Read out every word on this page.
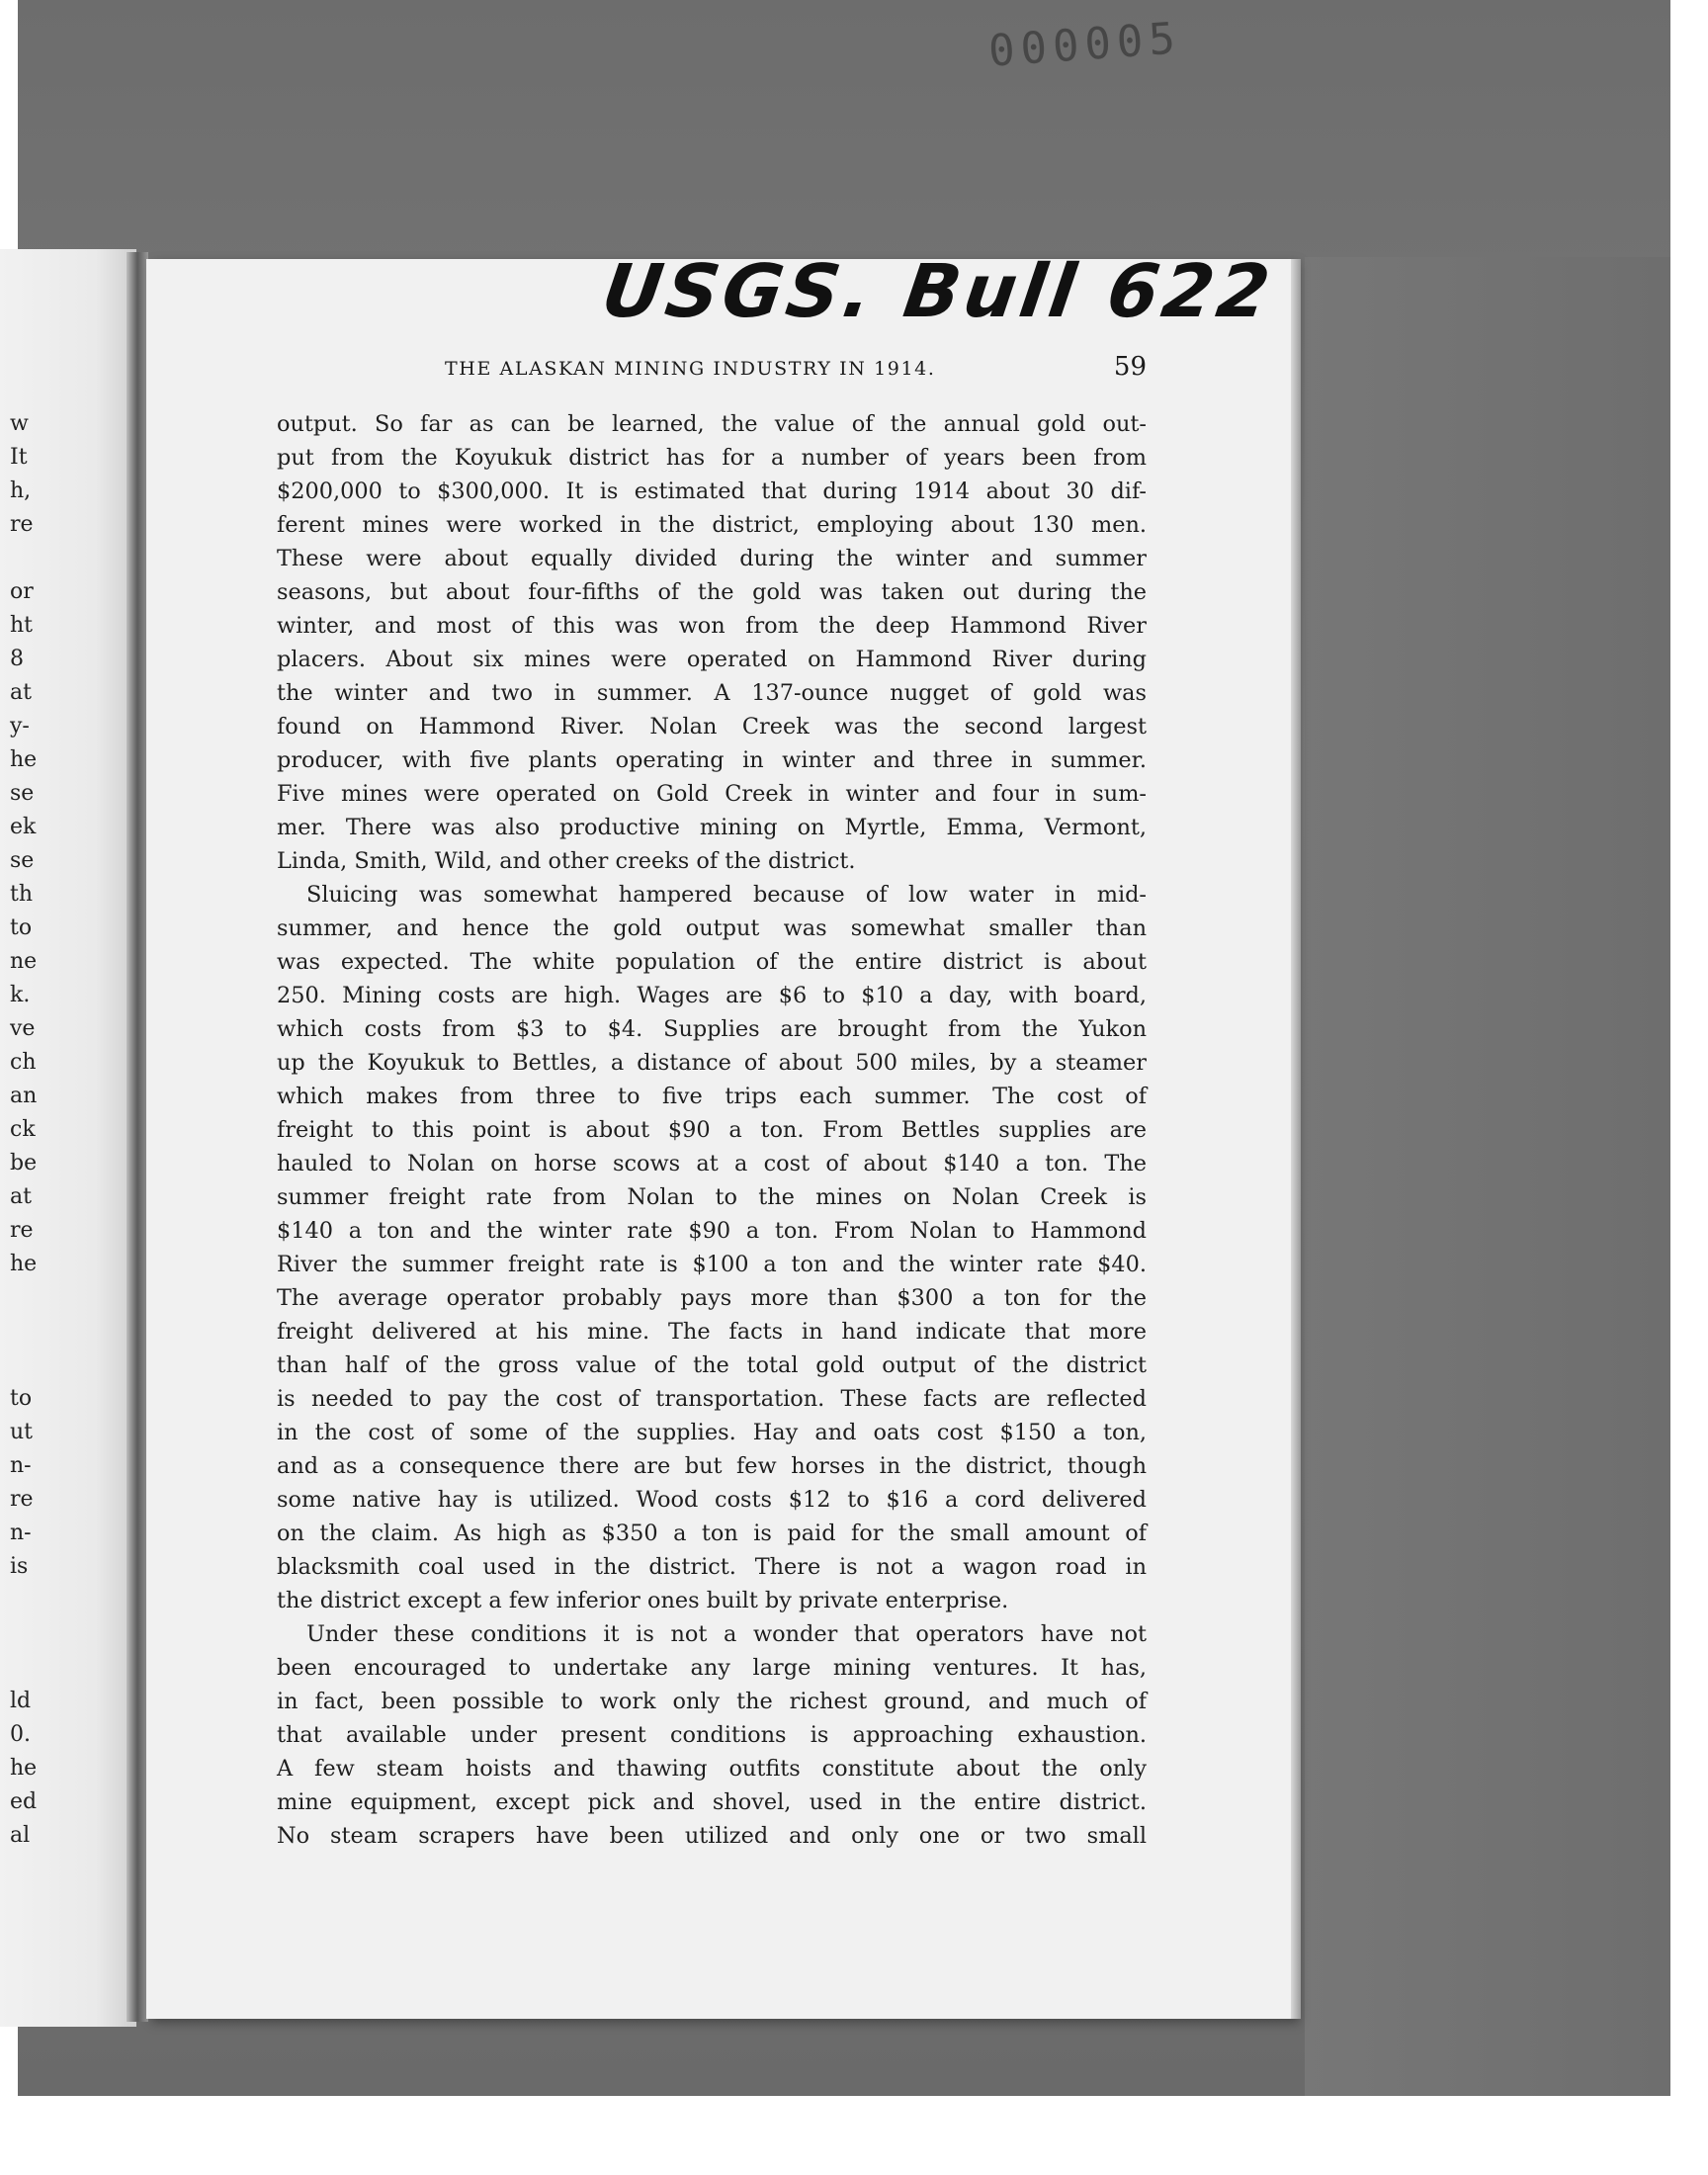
000005
w
It
h,
re
or
ht
8
at
y-
he
se
ek
se
th
to
ne
k.
ve
ch
an
ck
be
at
re
he
to
ut
n-
re
n-
is
ld
0.
he
ed
al
USGS. Bull 622
THE ALASKAN MINING INDUSTRY IN 1914.	59
output. So far as can be learned, the value of the annual gold out-
put from the Koyukuk district has for a number of years been from
$200,000 to $300,000. It is estimated that during 1914 about 30 dif-
ferent mines were worked in the district, employing about 130 men.
These were about equally divided during the winter and summer
seasons, but about four-fifths of the gold was taken out during the
winter, and most of this was won from the deep Hammond River
placers. About six mines were operated on Hammond River during
the winter and two in summer. A 137-ounce nugget of gold was
found on Hammond River. Nolan Creek was the second largest
producer, with five plants operating in winter and three in summer.
Five mines were operated on Gold Creek in winter and four in sum-
mer. There was also productive mining on Myrtle, Emma, Vermont,
Linda, Smith, Wild, and other creeks of the district.
Sluicing was somewhat hampered because of low water in mid-
summer, and hence the gold output was somewhat smaller than
was expected. The white population of the entire district is about
250. Mining costs are high. Wages are $6 to $10 a day, with board,
which costs from $3 to $4. Supplies are brought from the Yukon
up the Koyukuk to Bettles, a distance of about 500 miles, by a steamer
which makes from three to five trips each summer. The cost of
freight to this point is about $90 a ton. From Bettles supplies are
hauled to Nolan on horse scows at a cost of about $140 a ton. The
summer freight rate from Nolan to the mines on Nolan Creek is
$140 a ton and the winter rate $90 a ton. From Nolan to Hammond
River the summer freight rate is $100 a ton and the winter rate $40.
The average operator probably pays more than $300 a ton for the
freight delivered at his mine. The facts in hand indicate that more
than half of the gross value of the total gold output of the district
is needed to pay the cost of transportation. These facts are reflected
in the cost of some of the supplies. Hay and oats cost $150 a ton,
and as a consequence there are but few horses in the district, though
some native hay is utilized. Wood costs $12 to $16 a cord delivered
on the claim. As high as $350 a ton is paid for the small amount of
blacksmith coal used in the district. There is not a wagon road in
the district except a few inferior ones built by private enterprise.
Under these conditions it is not a wonder that operators have not
been encouraged to undertake any large mining ventures. It has,
in fact, been possible to work only the richest ground, and much of
that available under present conditions is approaching exhaustion.
A few steam hoists and thawing outfits constitute about the only
mine equipment, except pick and shovel, used in the entire district.
No steam scrapers have been utilized and only one or two small
